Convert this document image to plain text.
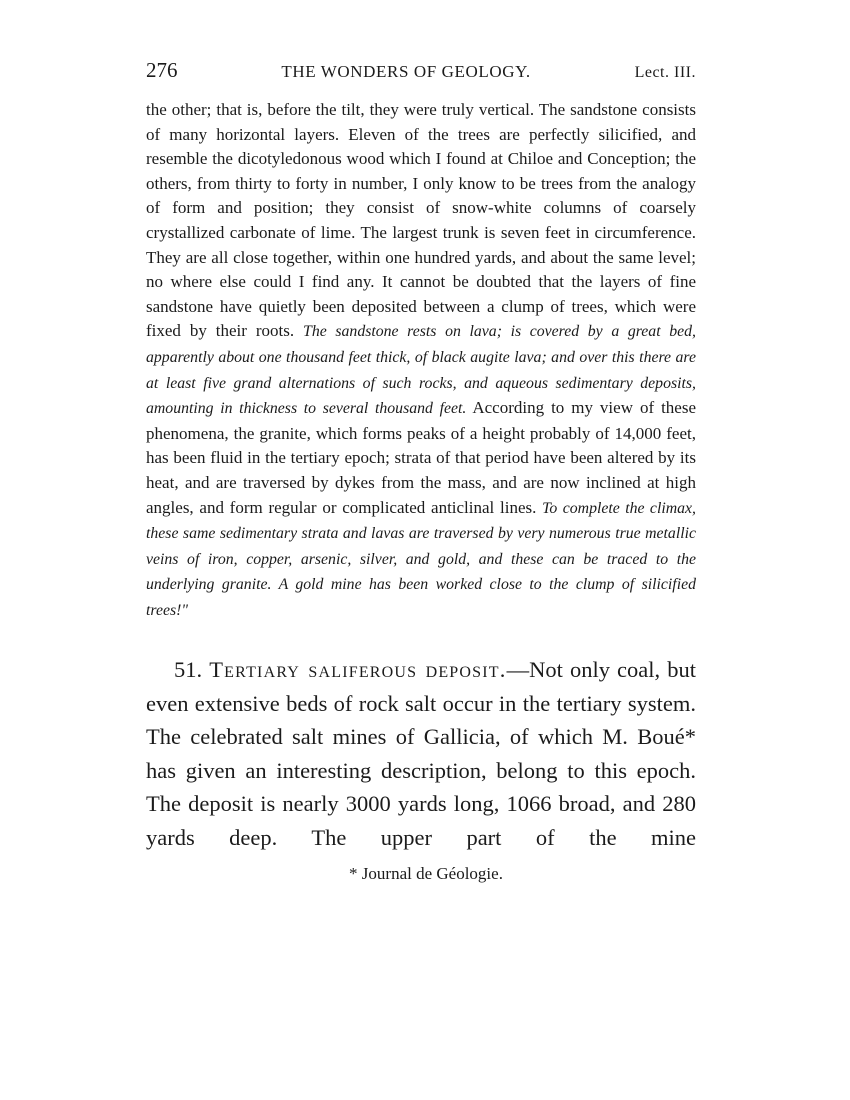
276	THE WONDERS OF GEOLOGY.	Lect. III.

the other; that is, before the tilt, they were truly vertical. The sandstone consists of many horizontal layers. Eleven of the trees are perfectly silicified, and resemble the dicotyledonous wood which I found at Chiloe and Conception; the others, from thirty to forty in number, I only know to be trees from the analogy of form and position; they consist of snow-white columns of coarsely crystallized carbonate of lime. The largest trunk is seven feet in circumference. They are all close together, within one hundred yards, and about the same level; no where else could I find any. It cannot be doubted that the layers of fine sandstone have quietly been deposited between a clump of trees, which were fixed by their roots. The sandstone rests on lava; is covered by a great bed, apparently about one thousand feet thick, of black augite lava; and over this there are at least five grand alternations of such rocks, and aqueous sedimentary deposits, amounting in thickness to several thousand feet. According to my view of these phenomena, the granite, which forms peaks of a height probably of 14,000 feet, has been fluid in the tertiary epoch; strata of that period have been altered by its heat, and are traversed by dykes from the mass, and are now inclined at high angles, and form regular or complicated anticlinal lines. To complete the climax, these same sedimentary strata and lavas are traversed by very numerous true metallic veins of iron, copper, arsenic, silver, and gold, and these can be traced to the underlying granite. A gold mine has been worked close to the clump of silicified trees!"

51. Tertiary saliferous deposit.—Not only coal, but even extensive beds of rock salt occur in the tertiary system. The celebrated salt mines of Gallicia, of which M. Boué* has given an interesting description, belong to this epoch. The deposit is nearly 3000 yards long, 1066 broad, and 280 yards deep. The upper part of the mine

* Journal de Géologie.
